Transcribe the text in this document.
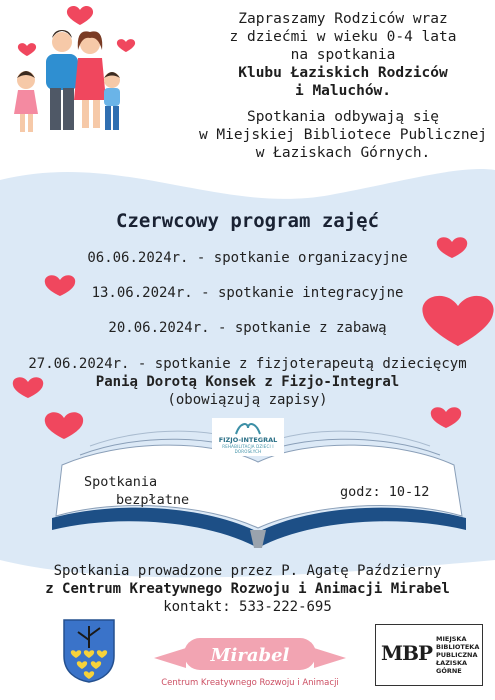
Zapraszamy Rodziców wraz
z dziećmi w wieku 0-4 lata
na spotkania
Klubu Łaziskich Rodziców
i Maluchów.
Spotkania odbywają się
w Miejskiej Bibliotece Publicznej
w Łaziskach Górnych.
Czerwcowy program zajęć
06.06.2024r. - spotkanie organizacyjne
13.06.2024r. - spotkanie integracyjne
20.06.2024r. - spotkanie z zabawą
27.06.2024r. - spotkanie z fizjoterapeutą dziecięcym
Panią Dorotą Konsek z Fizjo-Integral
(obowiązują zapisy)
FIZJO-INTEGRAL
REHABILITACJA DZIECI I DOROSŁYCH
Spotkania
bezpłatne	godz: 10-12
Spotkania prowadzone przez P. Agatę Październy
z Centrum Kreatywnego Rozwoju i Animacji Mirabel
kontakt: 533-222-695
Mirabel
Centrum Kreatywnego Rozwoju i Animacji
MBP
MIEJSKA
BIBLIOTEKA
PUBLICZNA
ŁAZISKA
GÓRNE
